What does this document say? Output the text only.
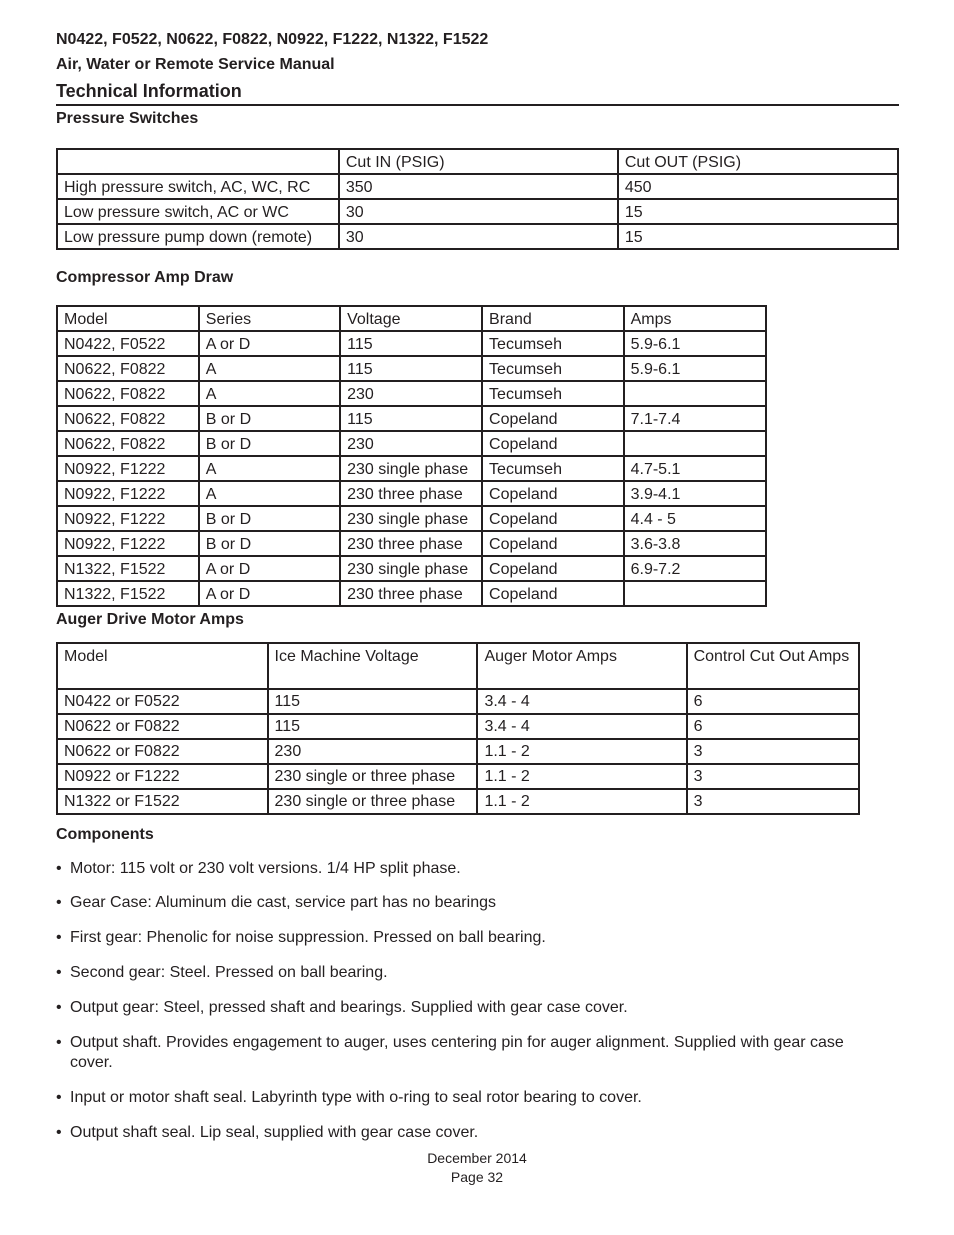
N0422, F0522, N0622, F0822, N0922, F1222, N1322, F1522
Air, Water or Remote Service Manual
Technical Information
Pressure Switches
	Cut IN (PSIG)	Cut OUT (PSIG)
High pressure switch, AC, WC, RC	350	450
Low pressure switch, AC or WC	30	15
Low pressure pump down (remote)	30	15
Compressor Amp Draw
Model	Series	Voltage	Brand	Amps
N0422, F0522	A or D	115	Tecumseh	5.9-6.1
N0622, F0822	A	115	Tecumseh	5.9-6.1
N0622, F0822	A	230	Tecumseh	
N0622, F0822	B or D	115	Copeland	7.1-7.4
N0622, F0822	B or D	230	Copeland	
N0922, F1222	A	230 single phase	Tecumseh	4.7-5.1
N0922, F1222	A	230 three phase	Copeland	3.9-4.1
N0922, F1222	B or D	230 single phase	Copeland	4.4 - 5
N0922, F1222	B or D	230 three phase	Copeland	3.6-3.8
N1322, F1522	A or D	230 single phase	Copeland	6.9-7.2
N1322, F1522	A or D	230 three phase	Copeland	
Auger Drive Motor Amps
Model	Ice Machine Voltage	Auger Motor Amps	Control Cut Out Amps
N0422 or F0522	115	3.4 - 4	6
N0622 or F0822	115	3.4 - 4	6
N0622 or F0822	230	1.1 - 2	3
N0922 or F1222	230 single or three phase	1.1 - 2	3
N1322 or F1522	230 single or three phase	1.1 - 2	3
Components
• Motor: 115 volt or 230 volt versions. 1/4 HP split phase.
• Gear Case: Aluminum die cast, service part has no bearings
• First gear: Phenolic for noise suppression. Pressed on ball bearing.
• Second gear: Steel. Pressed on ball bearing.
• Output gear: Steel, pressed shaft and bearings. Supplied with gear case cover.
• Output shaft. Provides engagement to auger, uses centering pin for auger alignment. Supplied with gear case cover.
• Input or motor shaft seal. Labyrinth type with o-ring to seal rotor bearing to cover.
• Output shaft seal. Lip seal, supplied with gear case cover.
December 2014
Page 32
